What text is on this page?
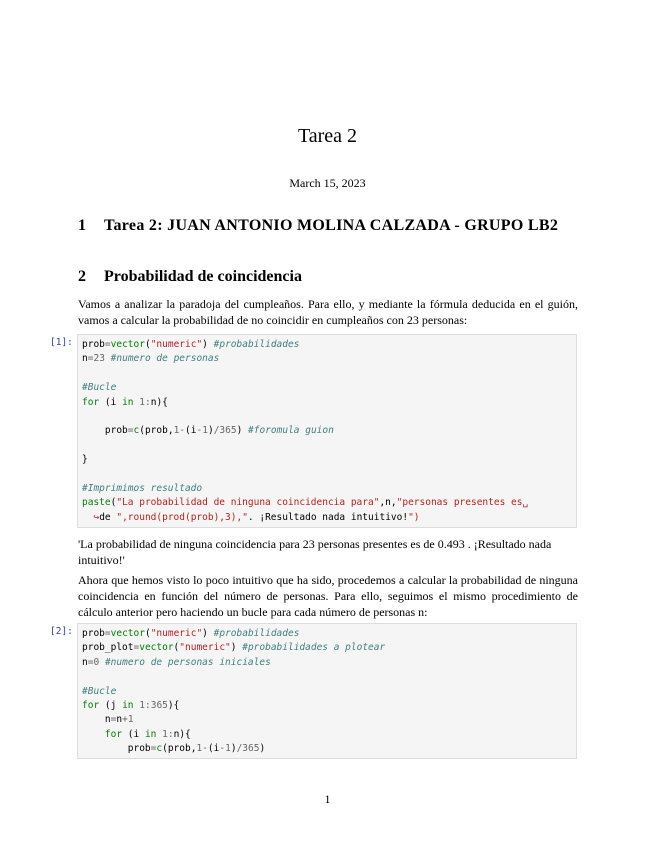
Tarea 2
March 15, 2023
1 Tarea 2: JUAN ANTONIO MOLINA CALZADA - GRUPO LB2
2 Probabilidad de coincidencia
Vamos a analizar la paradoja del cumpleaños. Para ello, y mediante la fórmula deducida en el guión, vamos a calcular la probabilidad de no coincidir en cumpleaños con 23 personas:
[1]: prob=vector("numeric") #probabilidades
n=23 #numero de personas

#Bucle
for (i in 1:n){

prob=c(prob,1-(i-1)/365) #foromula guion

}

#Imprimimos resultado
paste("La probabilidad de ninguna coincidencia para",n,"personas presentes es␣
↪de ",round(prod(prob),3),". ¡Resultado nada intuitivo!")
'La probabilidad de ninguna coincidencia para 23 personas presentes es de 0.493 . ¡Resultado nada intuitivo!'
Ahora que hemos visto lo poco intuitivo que ha sido, procedemos a calcular la probabilidad de ninguna coincidencia en función del número de personas. Para ello, seguimos el mismo procedimiento de cálculo anterior pero haciendo un bucle para cada número de personas n:
[2]: prob=vector("numeric") #probabilidades
prob_plot=vector("numeric") #probabilidades a plotear
n=0 #numero de personas iniciales

#Bucle
for (j in 1:365){
n=n+1
for (i in 1:n){
prob=c(prob,1-(i-1)/365)
1
